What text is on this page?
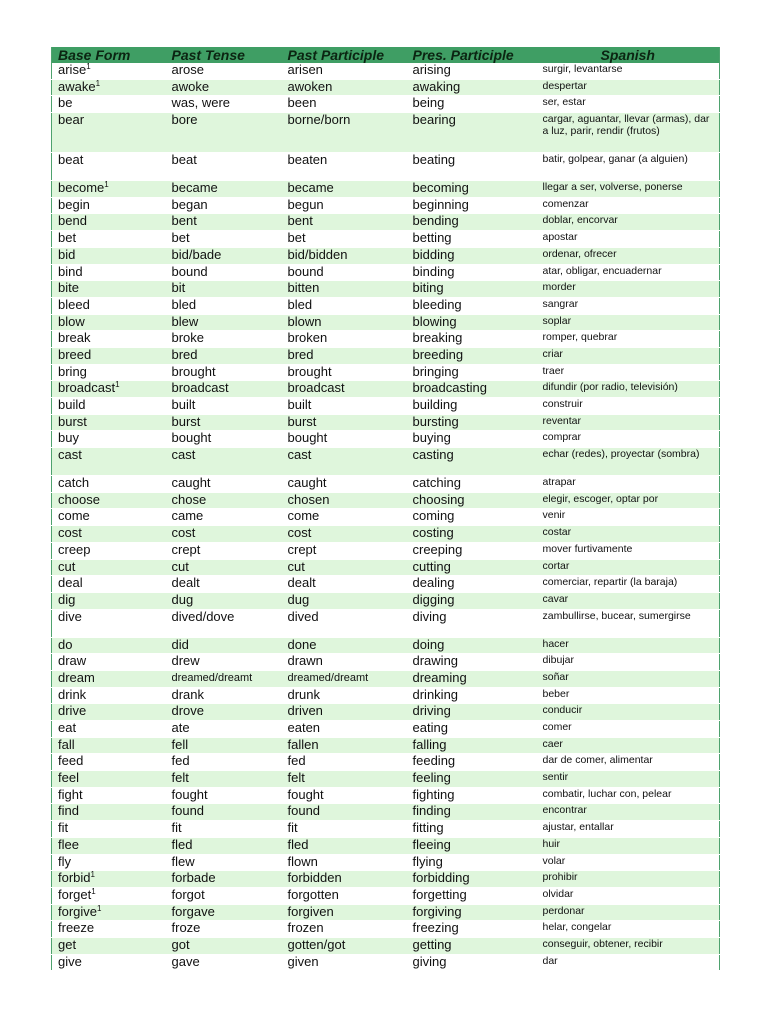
Base Form	Past Tense	Past Participle	Pres. Participle	Spanish
arise$^1$	arose	arisen	arising	surgir, levantarse
awake$^1$	awoke	awoken	awaking	despertar
be	was, were	been	being	ser, estar
bear	bore	borne/born	bearing	cargar, aguantar, llevar (armas), dar a luz, parir, rendir (frutos)
beat	beat	beaten	beating	batir, golpear, ganar (a alguien)
become$^1$	became	became	becoming	llegar a ser, volverse, ponerse
begin	began	begun	beginning	comenzar
bend	bent	bent	bending	doblar, encorvar
bet	bet	bet	betting	apostar
bid	bid/bade	bid/bidden	bidding	ordenar, ofrecer
bind	bound	bound	binding	atar, obligar, encuadernar
bite	bit	bitten	biting	morder
bleed	bled	bled	bleeding	sangrar
blow	blew	blown	blowing	soplar
break	broke	broken	breaking	romper, quebrar
breed	bred	bred	breeding	criar
bring	brought	brought	bringing	traer
broadcast$^1$	broadcast	broadcast	broadcasting	difundir (por radio, televisión)
build	built	built	building	construir
burst	burst	burst	bursting	reventar
buy	bought	bought	buying	comprar
cast	cast	cast	casting	echar (redes), proyectar (sombra)
catch	caught	caught	catching	atrapar
choose	chose	chosen	choosing	elegir, escoger, optar por
come	came	come	coming	venir
cost	cost	cost	costing	costar
creep	crept	crept	creeping	mover furtivamente
cut	cut	cut	cutting	cortar
deal	dealt	dealt	dealing	comerciar, repartir (la baraja)
dig	dug	dug	digging	cavar
dive	dived/dove	dived	diving	zambullirse, bucear, sumergirse
do	did	done	doing	hacer
draw	drew	drawn	drawing	dibujar
dream	dreamed/dreamt	dreamed/dreamt	dreaming	soñar
drink	drank	drunk	drinking	beber
drive	drove	driven	driving	conducir
eat	ate	eaten	eating	comer
fall	fell	fallen	falling	caer
feed	fed	fed	feeding	dar de comer, alimentar
feel	felt	felt	feeling	sentir
fight	fought	fought	fighting	combatir, luchar con, pelear
find	found	found	finding	encontrar
fit	fit	fit	fitting	ajustar, entallar
flee	fled	fled	fleeing	huir
fly	flew	flown	flying	volar
forbid$^1$	forbade	forbidden	forbidding	prohibir
forget$^1$	forgot	forgotten	forgetting	olvidar
forgive$^1$	forgave	forgiven	forgiving	perdonar
freeze	froze	frozen	freezing	helar, congelar
get	got	gotten/got	getting	conseguir, obtener, recibir
give	gave	given	giving	dar
